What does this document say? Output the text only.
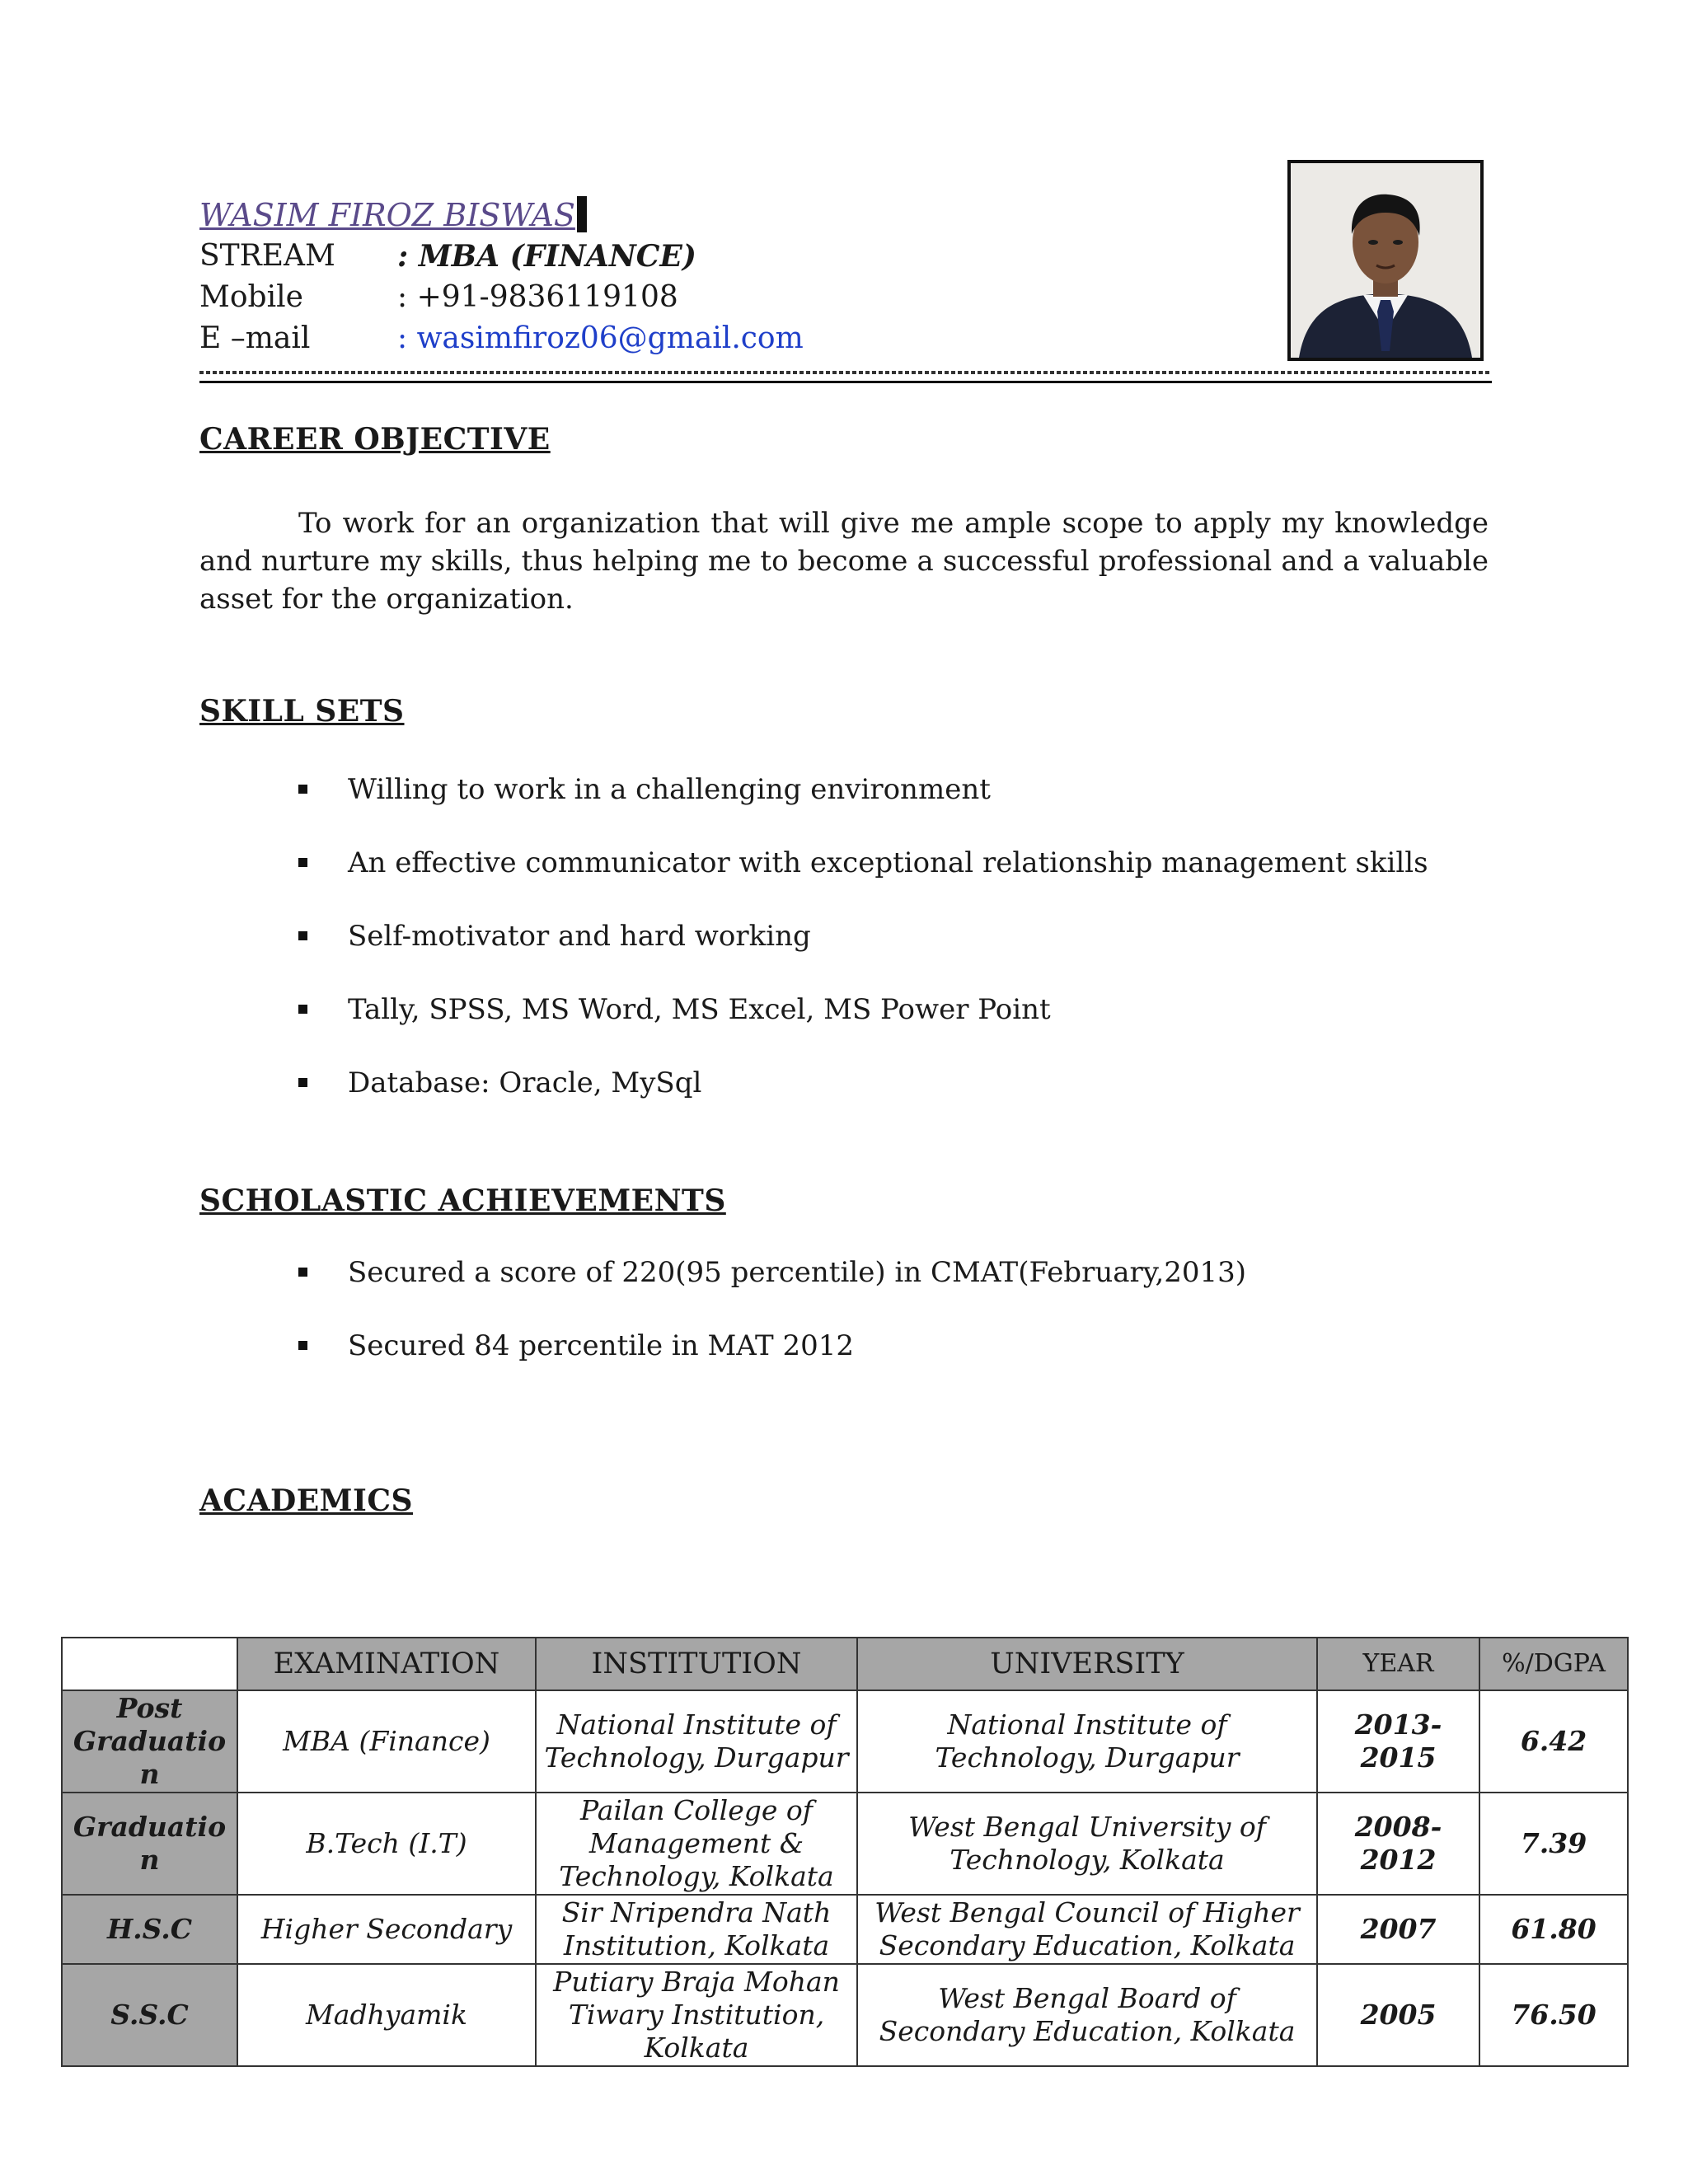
WASIM FIROZ BISWAS
STREAM	: MBA (FINANCE)
Mobile	: +91-9836119108
E –mail	: wasimfiroz06@gmail.com
CAREER OBJECTIVE
To work for an organization that will give me ample scope to apply my knowledge and nurture my skills, thus helping me to become a successful professional and a valuable asset for the organization.
SKILL SETS
Willing to work in a challenging environment
An effective communicator with exceptional relationship management skills
Self-motivator and hard working
Tally, SPSS, MS Word, MS Excel, MS Power Point
Database: Oracle, MySql
SCHOLASTIC ACHIEVEMENTS
Secured a score of 220(95 percentile) in CMAT(February,2013)
Secured 84 percentile in MAT 2012
ACADEMICS
	EXAMINATION	INSTITUTION	UNIVERSITY	YEAR	%/DGPA
Post Graduatio n	MBA (Finance)	National Institute of Technology, Durgapur	National Institute of Technology, Durgapur	2013-2015	6.42
Graduatio n	B.Tech (I.T)	Pailan College of Management & Technology, Kolkata	West Bengal University of Technology, Kolkata	2008-2012	7.39
H.S.C	Higher Secondary	Sir Nripendra Nath Institution, Kolkata	West Bengal Council of Higher Secondary Education, Kolkata	2007	61.80
S.S.C	Madhyamik	Putiary Braja Mohan Tiwary Institution, Kolkata	West Bengal Board of Secondary Education, Kolkata	2005	76.50
